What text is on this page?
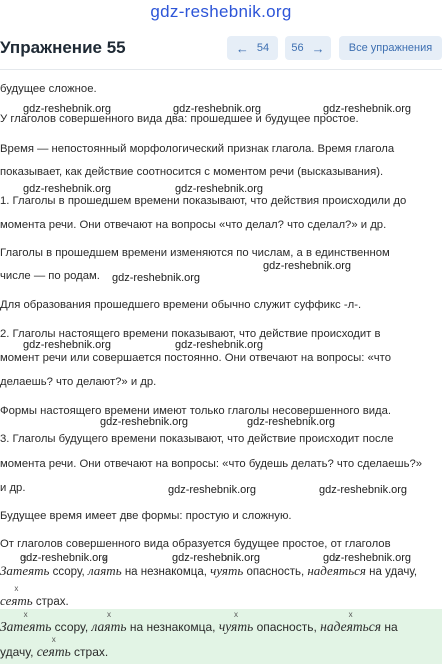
gdz-reshebnik.org
Упражнение 55	← 54 56 →	Все упражнения

будущее сложное.

У глаголов совершенного вида два: прошедшее и будущее простое.

Время — непостоянный морфологический признак глагола. Время глагола

показывает, как действие соотносится с моментом речи (высказывания).

1. Глаголы в прошедшем времени показывают, что действия происходили до

момента речи. Они отвечают на вопросы «что делал? что сделал?» и др.

Глаголы в прошедшем времени изменяются по числам, а в единственном

числе — по родам.

Для образования прошедшего времени обычно служит суффикс -л-.

2. Глаголы настоящего времени показывают, что действие происходит в

момент речи или совершается постоянно. Они отвечают на вопросы: «что

делаешь? что делают?» и др.

Формы настоящего времени имеют только глаголы несовершенного вида.

3. Глаголы будущего времени показывают, что действие происходит после

момента речи. Они отвечают на вопросы: «что будешь делать? что сделаешь?»

и др.

Будущее время имеет две формы: простую и сложную.

От глаголов совершенного вида образуется будущее простое, от глаголов

gdz-reshebnik.org	gdz-reshebnik.org	gdz-reshebnik.org
gdz-reshebnik.org	gdz-reshebnik.org
gdz-reshebnik.org
gdz-reshebnik.org
gdz-reshebnik.org	gdz-reshebnik.org
gdz-reshebnik.org	gdz-reshebnik.org
gdz-reshebnik.org	gdz-reshebnik.org
gdz-reshebnik.org	gdz-reshebnik.org	gdz-reshebnik.org
x Затеять ссору, x лаять на незнакомца, x чуять опасность, x надеяться на удачу,
x сеять страх.
x Затеять ссору, x лаять на незнакомца, x чуять опасность, x надеяться на
удачу, x сеять страх.
